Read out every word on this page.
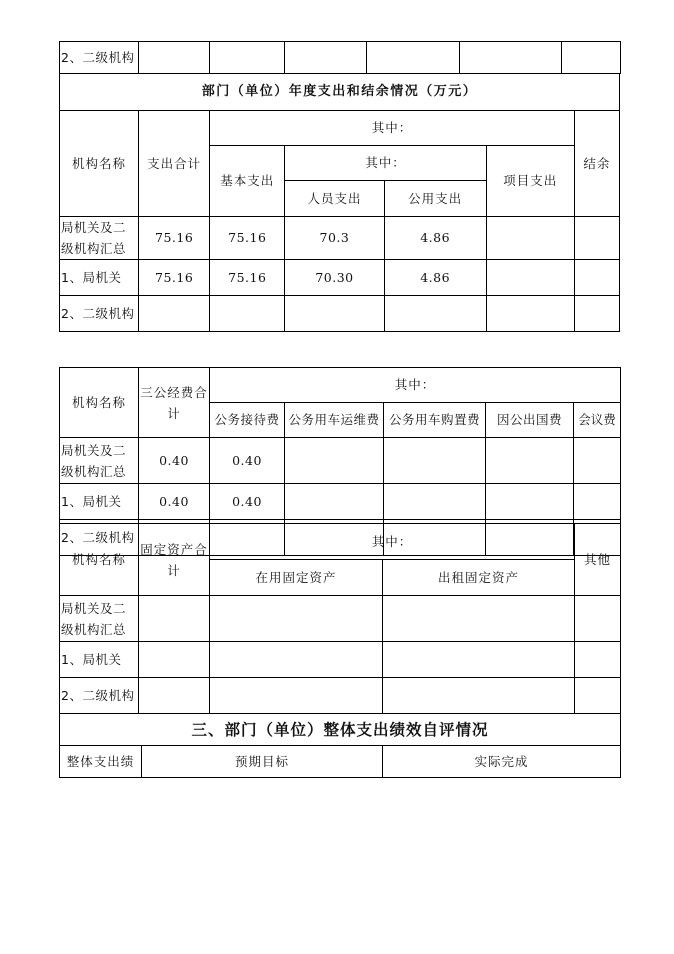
2、二级机构						
部门（单位）年度支出和结余情况（万元）						
机构名称	支出合计	其中：				结余
		基本支出	其中：		项目支出	
			人员支出	公用支出		
局机关及二级机构汇总	75.16	75.16	70.3	4.86		
1、局机关	75.16	75.16	70.30	4.86		
2、二级机构						
机构名称	三公经费合计	其中：				
		公务接待费	公务用车运维费	公务用车购置费	因公出国费	会议费
局机关及二级机构汇总	0.40	0.40				
1、局机关	0.40	0.40				
2、二级机构						
机构名称	固定资产合计	其中：		其他
		在用固定资产	出租固定资产	
局机关及二级机构汇总				
1、局机关				
2、二级机构				
三、部门（单位）整体支出绩效自评情况
整体支出绩	预期目标	实际完成
